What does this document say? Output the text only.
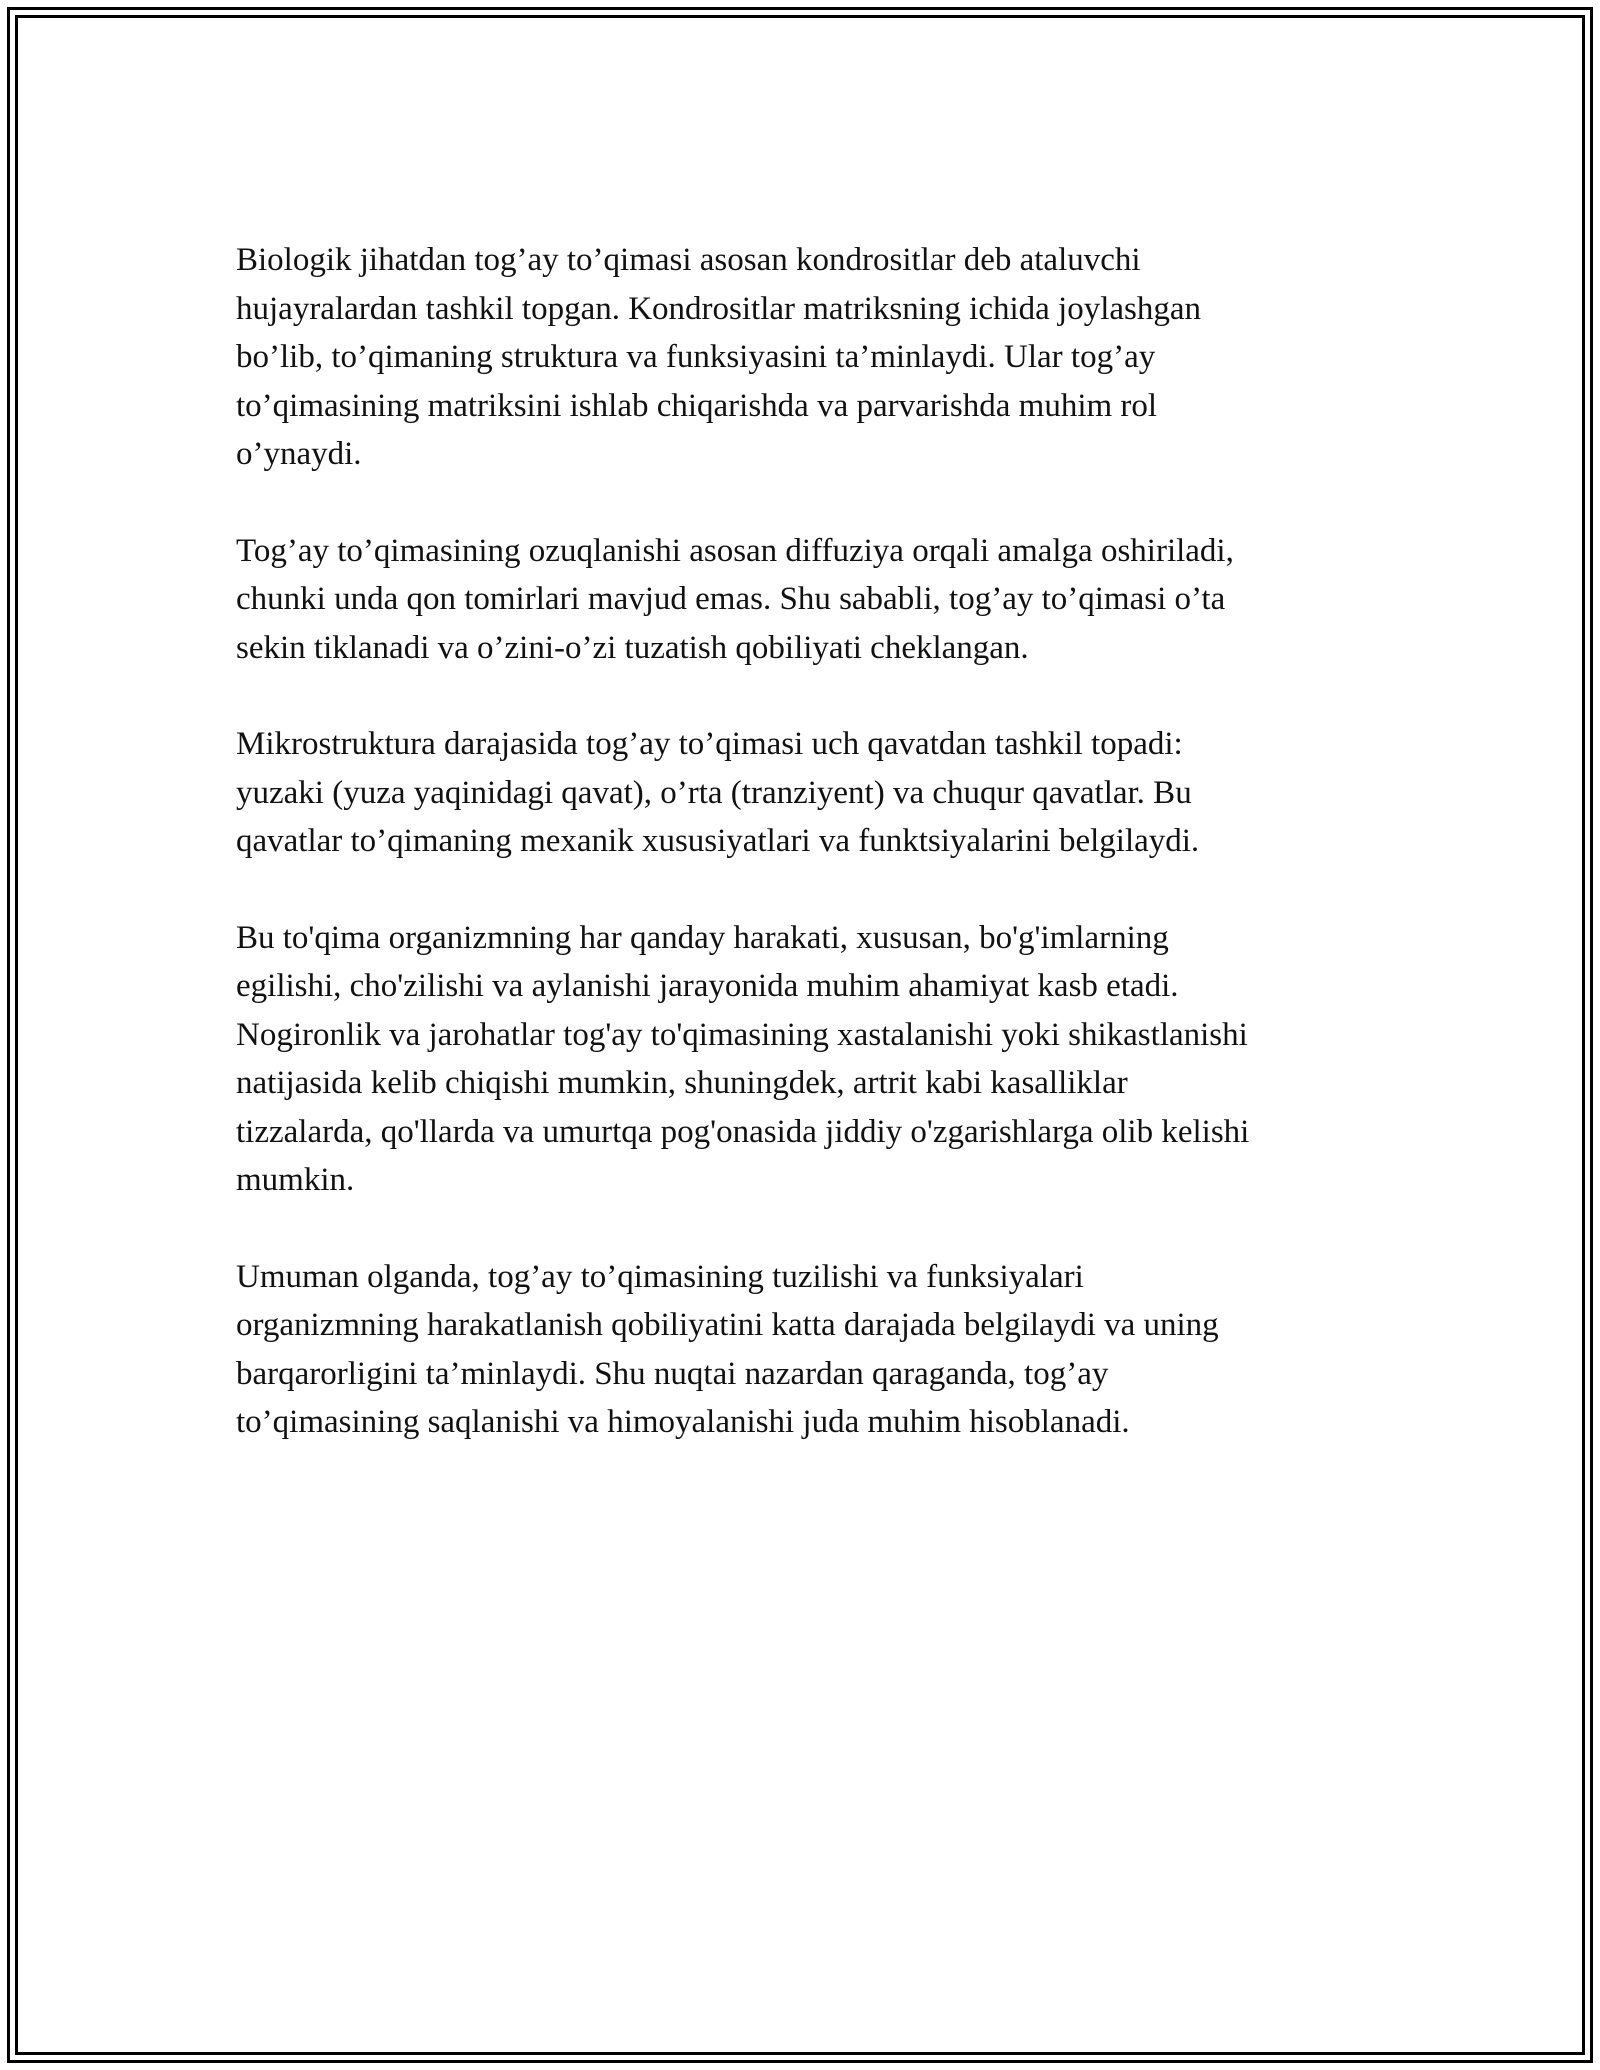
Biologik jihatdan tog’ay to’qimasi asosan kondrositlar deb ataluvchi
hujayralardan tashkil topgan. Kondrositlar matriksning ichida joylashgan
bo’lib, to’qimaning struktura va funksiyasini ta’minlaydi. Ular tog’ay
to’qimasining matriksini ishlab chiqarishda va parvarishda muhim rol
o’ynaydi.

Tog’ay to’qimasining ozuqlanishi asosan diffuziya orqali amalga oshiriladi,
chunki unda qon tomirlari mavjud emas. Shu sababli, tog’ay to’qimasi o’ta
sekin tiklanadi va o’zini-o’zi tuzatish qobiliyati cheklangan.

Mikrostruktura darajasida tog’ay to’qimasi uch qavatdan tashkil topadi:
yuzaki (yuza yaqinidagi qavat), o’rta (tranziyent) va chuqur qavatlar. Bu
qavatlar to’qimaning mexanik xususiyatlari va funktsiyalarini belgilaydi.

Bu to'qima organizmning har qanday harakati, xususan, bo'g'imlarning
egilishi, cho'zilishi va aylanishi jarayonida muhim ahamiyat kasb etadi.
Nogironlik va jarohatlar tog'ay to'qimasining xastalanishi yoki shikastlanishi
natijasida kelib chiqishi mumkin, shuningdek, artrit kabi kasalliklar
tizzalarda, qo'llarda va umurtqa pog'onasida jiddiy o'zgarishlarga olib kelishi
mumkin.

Umuman olganda, tog’ay to’qimasining tuzilishi va funksiyalari
organizmning harakatlanish qobiliyatini katta darajada belgilaydi va uning
barqarorligini ta’minlaydi. Shu nuqtai nazardan qaraganda, tog’ay
to’qimasining saqlanishi va himoyalanishi juda muhim hisoblanadi.
